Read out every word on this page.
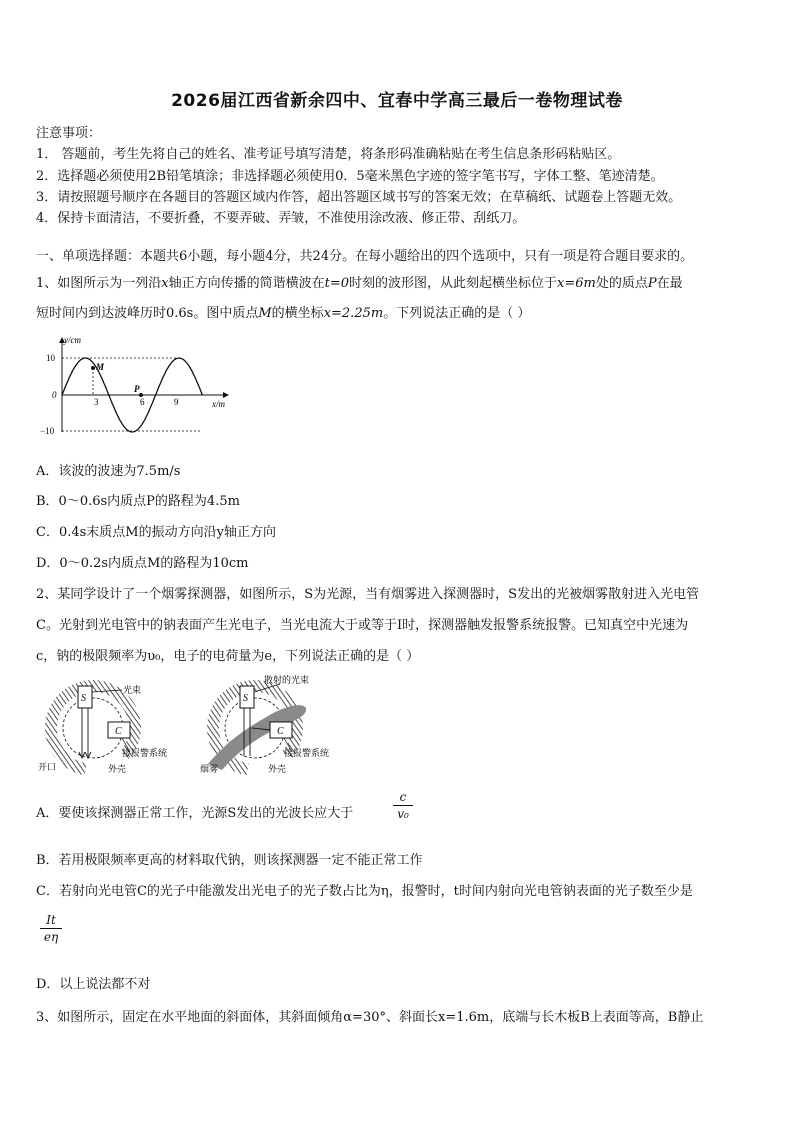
2026届江西省新余四中、宜春中学高三最后一卷物理试卷
注意事项：
1． 答题前，考生先将自己的姓名、准考证号填写清楚，将条形码准确粘贴在考生信息条形码粘贴区。
2．选择题必须使用2B铅笔填涂；非选择题必须使用0．5毫米黑色字迹的签字笔书写，字体工整、笔迹清楚。
3．请按照题号顺序在各题目的答题区域内作答，超出答题区域书写的答案无效；在草稿纸、试题卷上答题无效。
4．保持卡面清洁，不要折叠，不要弄破、弄皱，不准使用涂改液、修正带、刮纸刀。
一、单项选择题：本题共6小题，每小题4分，共24分。在每小题给出的四个选项中，只有一项是符合题目要求的。
1、如图所示为一列沿x轴正方向传播的简谐横波在t=0时刻的波形图，从此刻起横坐标位于x=6m处的质点P在最
短时间内到达波峰历时0.6s。图中质点M的横坐标x=2.25m。下列说法正确的是（ ）
y/cm
x/m
10
0
−10
3	6	9
M
P
A．该波的波速为7.5m/s
B．0～0.6s内质点P的路程为4.5m
C．0.4s末质点M的振动方向沿y轴正方向
D．0～0.2s内质点M的路程为10cm
2、某同学设计了一个烟雾探测器，如图所示，S为光源，当有烟雾进入探测器时，S发出的光被烟雾散射进入光电管
C。光射到光电管中的钠表面产生光电子，当光电流大于或等于I时，探测器触发报警系统报警。已知真空中光速为
c，钠的极限频率为υ₀，电子的电荷量为e，下列说法正确的是（ ）
S
C
光束
接报警系统
开口	外壳
S
C
散射的光束
接报警系统
烟雾	外壳
A．要使该探测器正常工作，光源S发出的光波长应大于
c
v₀
B．若用极限频率更高的材料取代钠，则该探测器一定不能正常工作
C．若射向光电管C的光子中能激发出光电子的光子数占比为η，报警时，t时间内射向光电管钠表面的光子数至少是
It
eη
D．以上说法都不对
3、如图所示，固定在水平地面的斜面体，其斜面倾角α=30°、斜面长x=1.6m，底端与长木板B上表面等高，B静止
